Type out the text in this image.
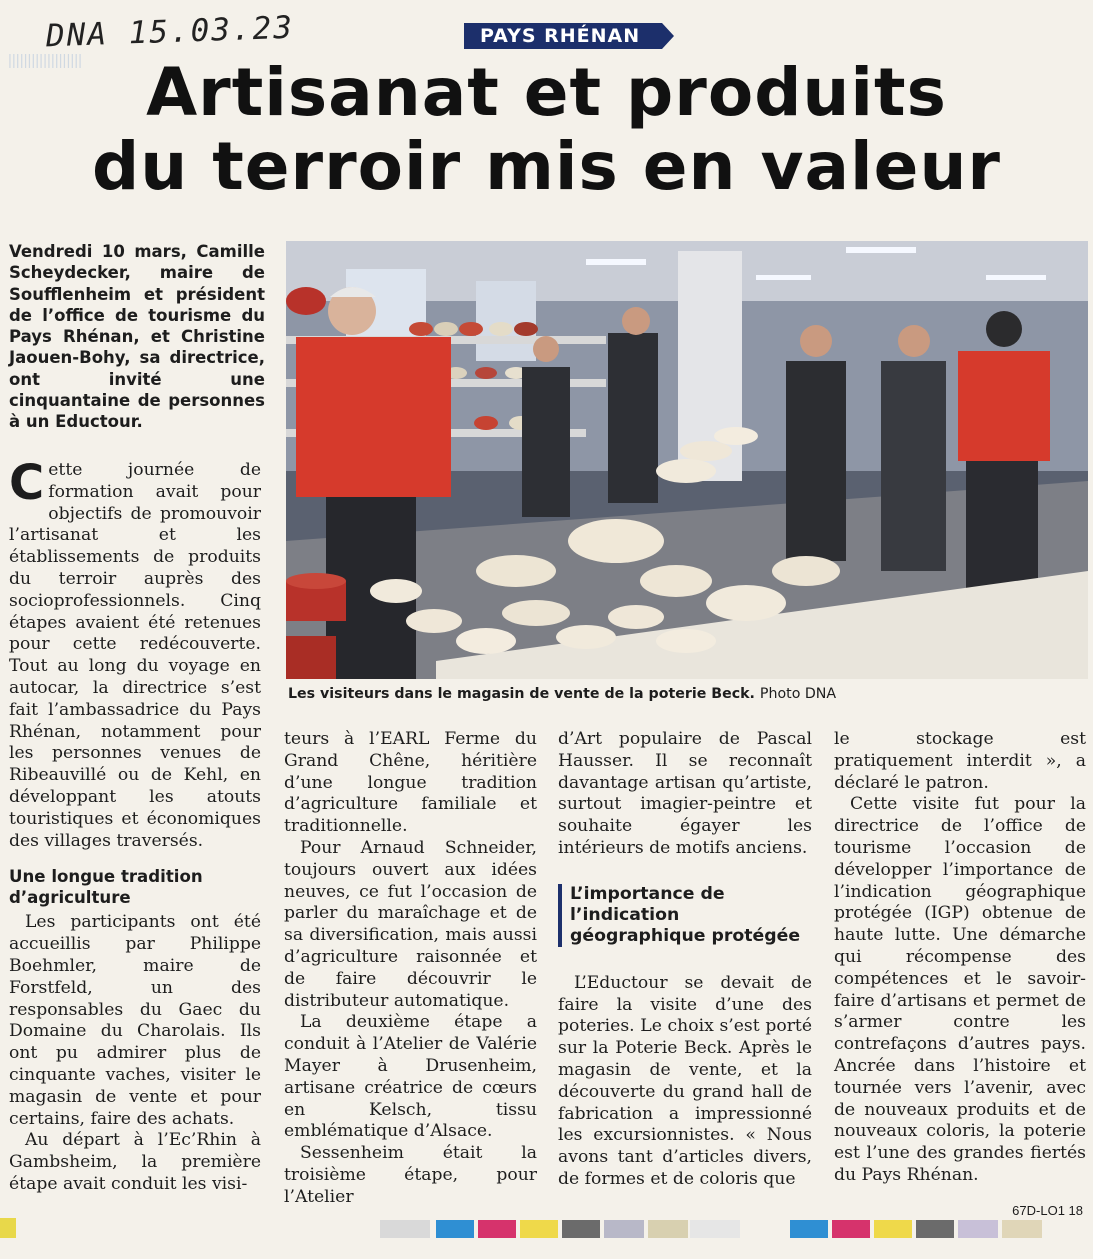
|||||||||||||||||||
DNA 15.03.23	PAYS RHÉNAN
Artisanat et produits
du terroir mis en valeur
Vendredi 10 mars, Camille Scheydecker, maire de Soufflenheim et président de l’office de tourisme du Pays Rhénan, et Christine Jaouen-Bohy, sa directrice, ont invité une cinquantaine de personnes à un Eductour.
Les visiteurs dans le magasin de vente de la poterie Beck. Photo DNA

Cette journée de formation avait pour objectifs de promouvoir l’artisanat et les établissements de produits du terroir auprès des socioprofessionnels. Cinq étapes avaient été retenues pour cette redécouverte. Tout au long du voyage en autocar, la directrice s’est fait l’ambassadrice du Pays Rhénan, notamment pour les personnes venues de Ribeauvillé ou de Kehl, en développant les atouts touristiques et économiques des villages traversés.

Une longue tradition d’agriculture

Les participants ont été accueillis par Philippe Boehmler, maire de Forstfeld, un des responsables du Gaec du Domaine du Charolais. Ils ont pu admirer plus de cinquante vaches, visiter le magasin de vente et pour certains, faire des achats.

Au départ à l’Ec’Rhin à Gambsheim, la première étape avait conduit les visi-

teurs à l’EARL Ferme du Grand Chêne, héritière d’une longue tradition d’agriculture familiale et traditionnelle.

Pour Arnaud Schneider, toujours ouvert aux idées neuves, ce fut l’occasion de parler du maraîchage et de sa diversification, mais aussi d’agriculture raisonnée et de faire découvrir le distributeur automatique.

La deuxième étape a conduit à l’Atelier de Valérie Mayer à Drusenheim, artisane créatrice de cœurs en Kelsch, tissu emblématique d’Alsace.

Sessenheim était la troisième étape, pour l’Atelier

d’Art populaire de Pascal Hausser. Il se reconnaît davantage artisan qu’artiste, surtout imagier-peintre et souhaite égayer les intérieurs de motifs anciens.

L’importance de l’indication géographique protégée

L’Eductour se devait de faire la visite d’une des poteries. Le choix s’est porté sur la Poterie Beck. Après le magasin de vente, et la découverte du grand hall de fabrication a impressionné les excursionnistes. « Nous avons tant d’articles divers, de formes et de coloris que

le stockage est pratiquement interdit », a déclaré le patron.

Cette visite fut pour la directrice de l’office de tourisme l’occasion de développer l’importance de l’indication géographique protégée (IGP) obtenue de haute lutte. Une démarche qui récompense des compétences et le savoir-faire d’artisans et permet de s’armer contre les contrefaçons d’autres pays. Ancrée dans l’histoire et tournée vers l’avenir, avec de nouveaux produits et de nouveaux coloris, la poterie est l’une des grandes fiertés du Pays Rhénan.

67D-LO1 18
